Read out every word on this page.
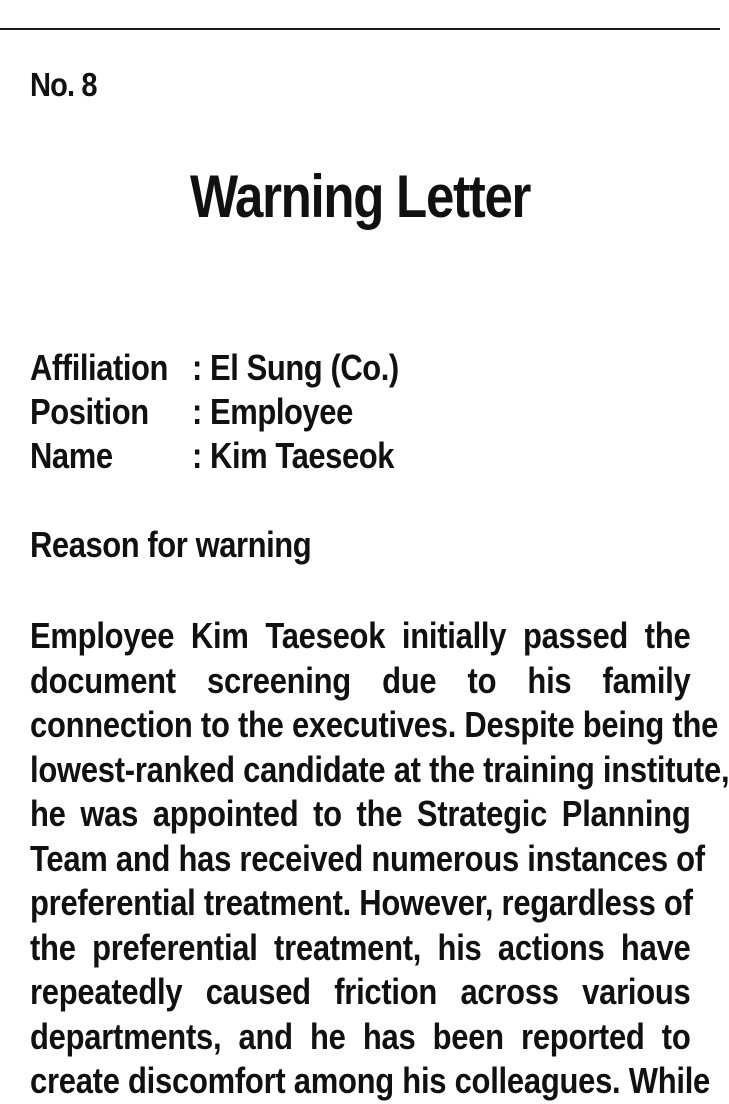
No. 8
Warning Letter
Affiliation : El Sung (Co.)
Position : Employee
Name : Kim Taeseok
Reason for warning
Employee Kim Taeseok initially passed the
document screening due to his family
connection to the executives. Despite being the
lowest-ranked candidate at the training institute,
he was appointed to the Strategic Planning
Team and has received numerous instances of
preferential treatment. However, regardless of
the preferential treatment, his actions have
repeatedly caused friction across various
departments, and he has been reported to
create discomfort among his colleagues. While
